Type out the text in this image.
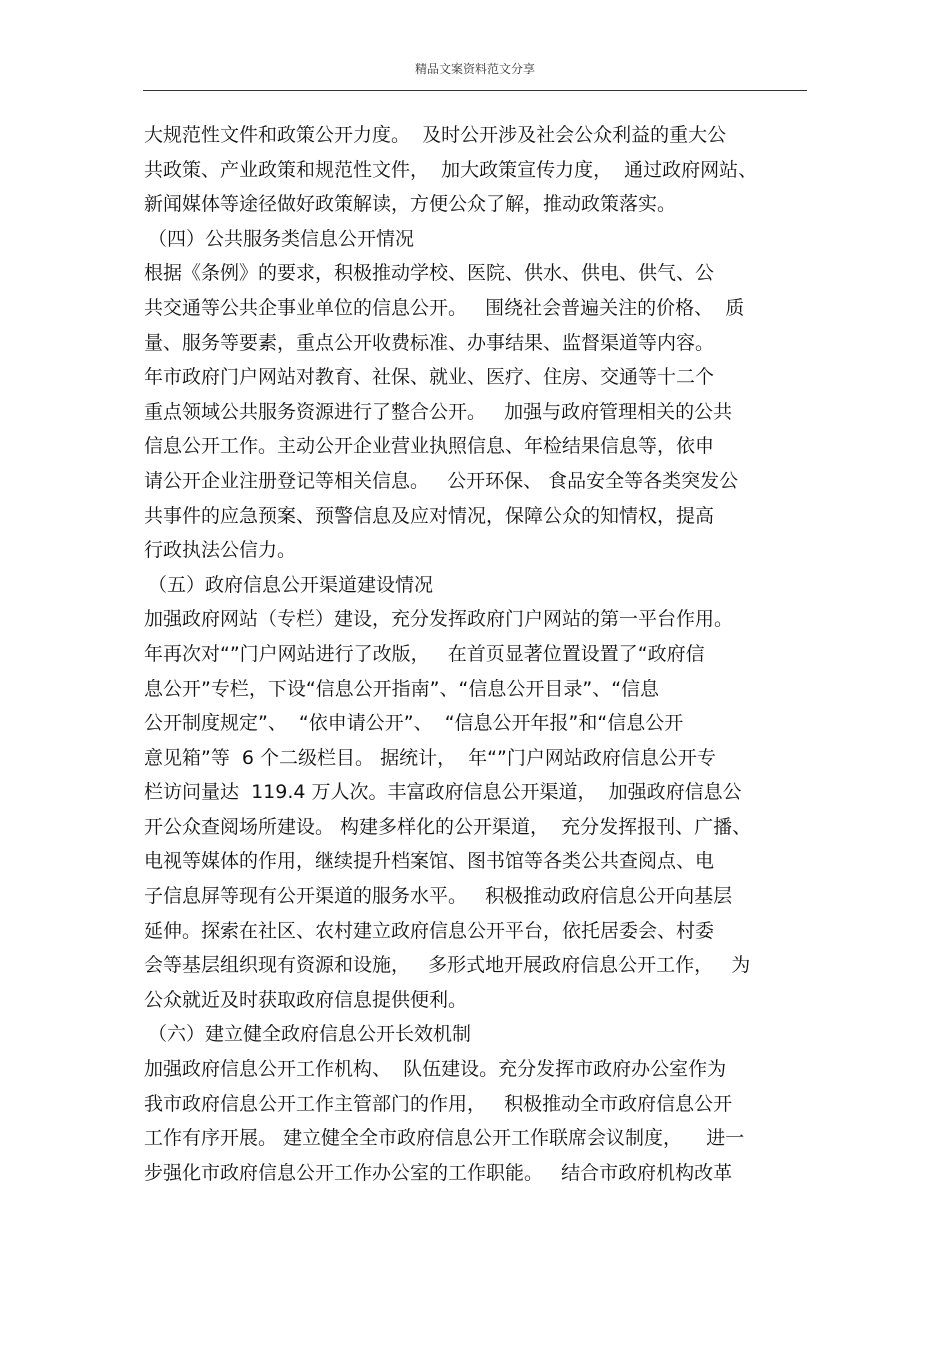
精品文案资料范文分享
大规范性文件和政策公开力度。  及时公开涉及社会公众利益的重大公
共政策、产业政策和规范性文件，  加大政策宣传力度，  通过政府网站、
新闻媒体等途径做好政策解读，方便公众了解，推动政策落实。
（四）公共服务类信息公开情况
根据《条例》的要求，积极推动学校、医院、供水、供电、供气、公
共交通等公共企事业单位的信息公开。   围绕社会普遍关注的价格、  质
量、服务等要素，重点公开收费标准、办事结果、监督渠道等内容。
年市政府门户网站对教育、社保、就业、医疗、住房、交通等十二个
重点领域公共服务资源进行了整合公开。   加强与政府管理相关的公共
信息公开工作。主动公开企业营业执照信息、年检结果信息等，依申
请公开企业注册登记等相关信息。   公开环保、 食品安全等各类突发公
共事件的应急预案、预警信息及应对情况，保障公众的知情权，提高
行政执法公信力。
（五）政府信息公开渠道建设情况
加强政府网站（专栏）建设，充分发挥政府门户网站的第一平台作用。
年再次对“”门户网站进行了改版，   在首页显著位置设置了“政府信
息公开”专栏，下设“信息公开指南”、“信息公开目录”、“信息
公开制度规定”、  “依申请公开”、  “信息公开年报”和“信息公开
意见箱”等  6 个二级栏目。 据统计，  年“”门户网站政府信息公开专
栏访问量达  119.4 万人次。丰富政府信息公开渠道，  加强政府信息公
开公众查阅场所建设。 构建多样化的公开渠道，  充分发挥报刊、广播、
电视等媒体的作用，继续提升档案馆、图书馆等各类公共查阅点、电
子信息屏等现有公开渠道的服务水平。   积极推动政府信息公开向基层
延伸。探索在社区、农村建立政府信息公开平台，依托居委会、村委
会等基层组织现有资源和设施，   多形式地开展政府信息公开工作，   为
公众就近及时获取政府信息提供便利。
（六）建立健全政府信息公开长效机制
加强政府信息公开工作机构、  队伍建设。充分发挥市政府办公室作为
我市政府信息公开工作主管部门的作用，   积极推动全市政府信息公开
工作有序开展。 建立健全全市政府信息公开工作联席会议制度，    进一
步强化市政府信息公开工作办公室的工作职能。   结合市政府机构改革
